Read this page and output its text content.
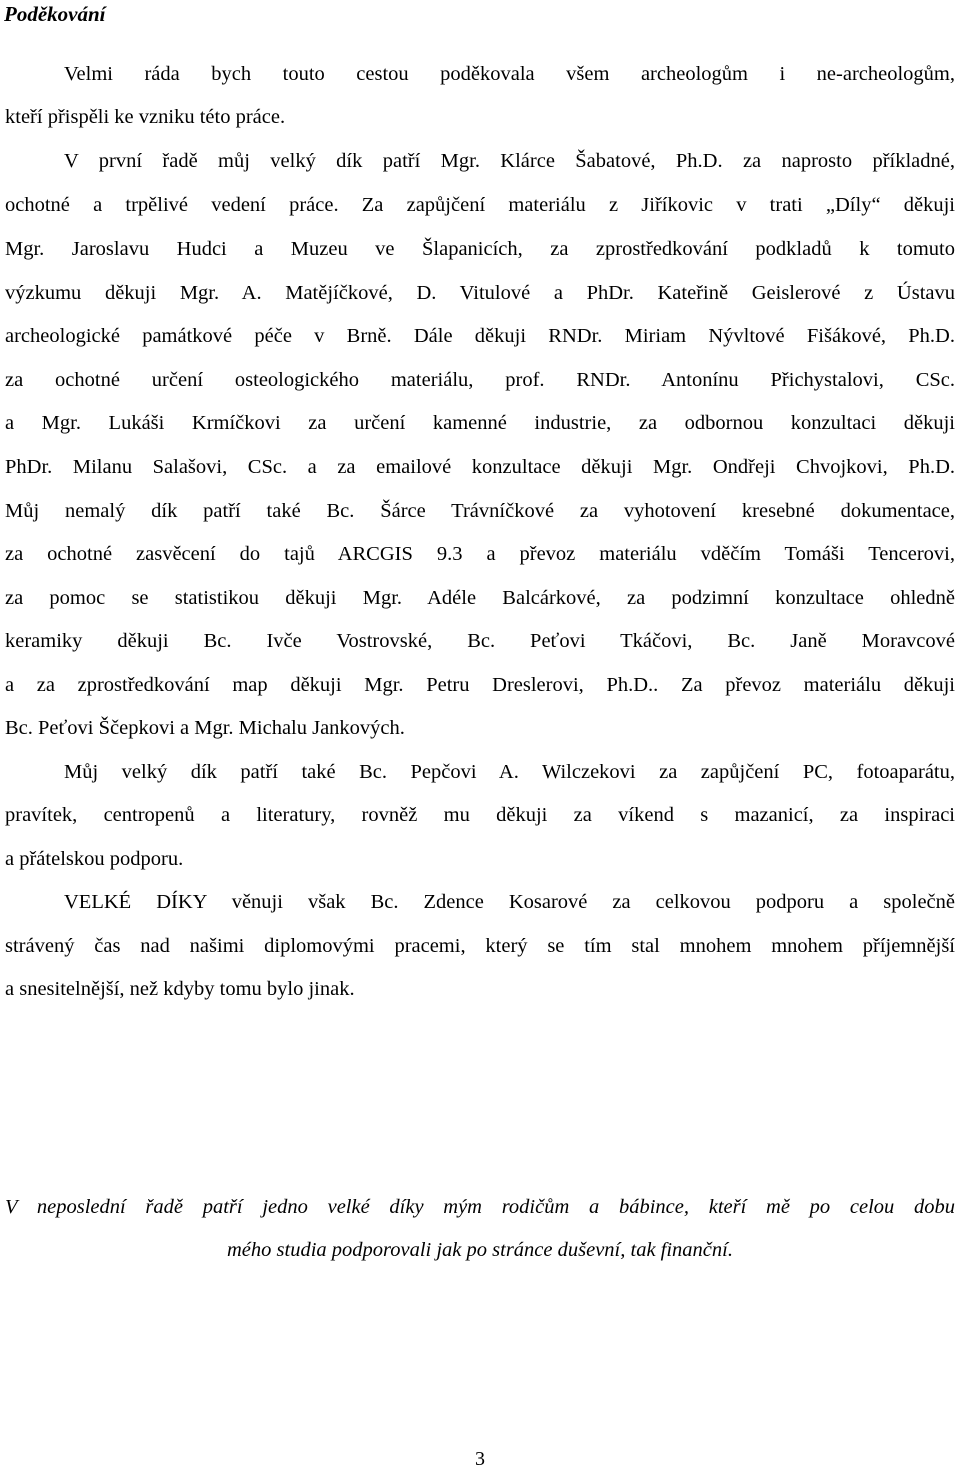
Poděkování
Velmi ráda bych touto cestou poděkovala všem archeologům i ne-archeologům,
kteří přispěli ke vzniku této práce.
V první řadě můj velký dík patří Mgr. Klárce Šabatové, Ph.D. za naprosto příkladné,
ochotné a trpělivé vedení práce. Za zapůjčení materiálu z Jiříkovic v trati „Díly“ děkuji
Mgr. Jaroslavu Hudci a Muzeu ve Šlapanicích, za zprostředkování podkladů k tomuto
výzkumu děkuji Mgr. A. Matějíčkové, D. Vitulové a PhDr. Kateřině Geislerové z Ústavu
archeologické památkové péče v Brně. Dále děkuji RNDr. Miriam Nývltové Fišákové, Ph.D.
za ochotné určení osteologického materiálu, prof. RNDr. Antonínu Přichystalovi, CSc.
a Mgr. Lukáši Krmíčkovi za určení kamenné industrie, za odbornou konzultaci děkuji
PhDr. Milanu Salašovi, CSc. a za emailové konzultace děkuji Mgr. Ondřeji Chvojkovi, Ph.D.
Můj nemalý dík patří také Bc. Šárce Trávníčkové za vyhotovení kresebné dokumentace,
za ochotné zasvěcení do tajů ARCGIS 9.3 a převoz materiálu vděčím Tomáši Tencerovi,
za pomoc se statistikou děkuji Mgr. Adéle Balcárkové, za podzimní konzultace ohledně
keramiky děkuji Bc. Ivče Vostrovské, Bc. Peťovi Tkáčovi, Bc. Janě Moravcové
a za zprostředkování map děkuji Mgr. Petru Dreslerovi, Ph.D.. Za převoz materiálu děkuji
Bc. Peťovi Ščepkovi a Mgr. Michalu Jankových.
Můj velký dík patří také Bc. Pepčovi A. Wilczekovi za zapůjčení PC, fotoaparátu,
pravítek, centropenů a literatury, rovněž mu děkuji za víkend s mazanicí, za inspiraci
a přátelskou podporu.
VELKÉ DÍKY věnuji však Bc. Zdence Kosarové za celkovou podporu a společně
strávený čas nad našimi diplomovými pracemi, který se tím stal mnohem mnohem příjemnější
a snesitelnější, než kdyby tomu bylo jinak.
V neposlední řadě patří jedno velké díky mým rodičům a bábince, kteří mě po celou dobu
mého studia podporovali jak po stránce duševní, tak finanční.
3
